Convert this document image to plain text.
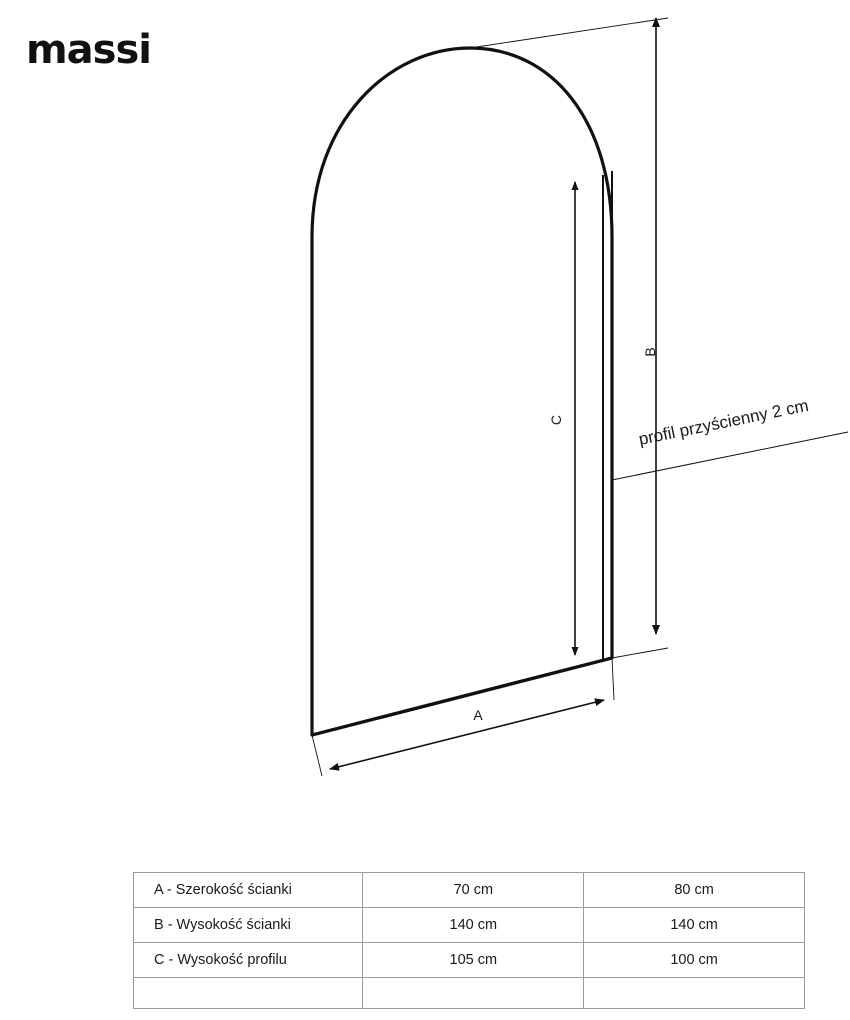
massi
B
A
C	profil przyścienny 2 cm
A - Szerokość ścianki	70 cm	80 cm
B - Wysokość ścianki	140 cm	140 cm
C - Wysokość profilu	105 cm	100 cm
